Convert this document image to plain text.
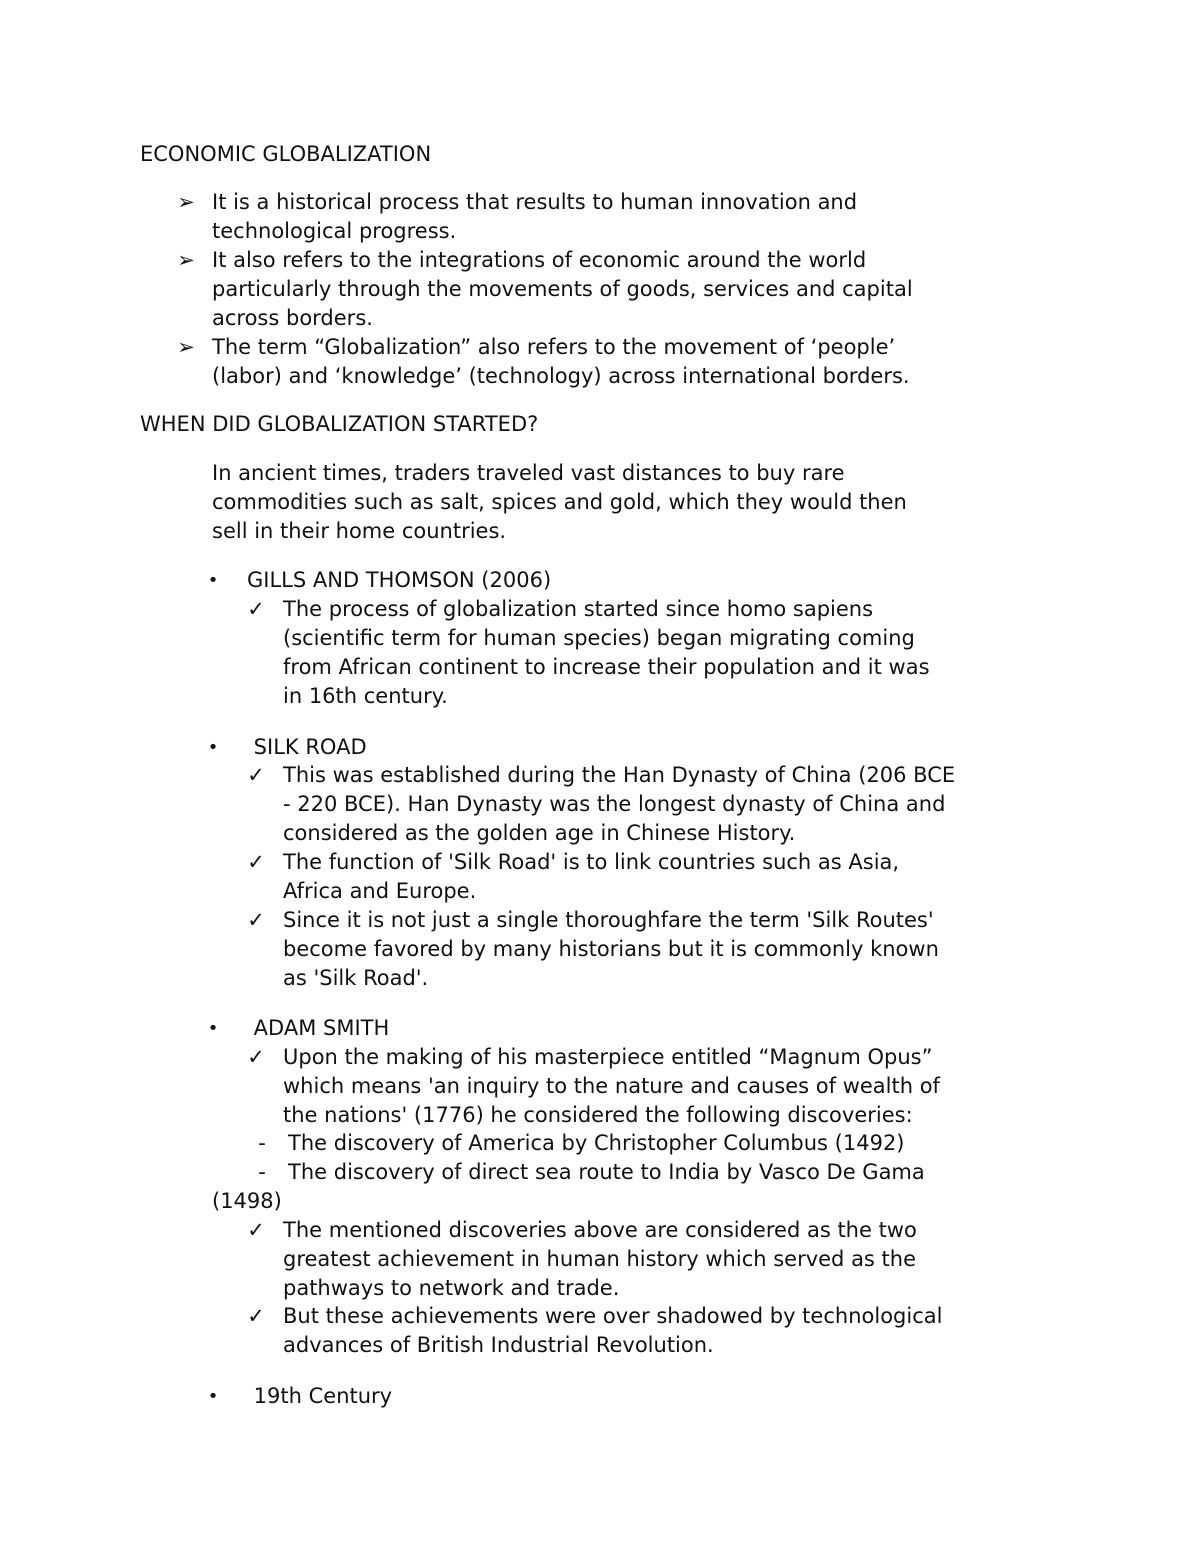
ECONOMIC GLOBALIZATION
➢ It is a historical process that results to human innovation and
technological progress.
➢ It also refers to the integrations of economic around the world
particularly through the movements of goods, services and capital
across borders.
➢ The term “Globalization” also refers to the movement of ‘people’
(labor) and ‘knowledge’ (technology) across international borders.
WHEN DID GLOBALIZATION STARTED?
In ancient times, traders traveled vast distances to buy rare
commodities such as salt, spices and gold, which they would then
sell in their home countries.
• GILLS AND THOMSON (2006)
✓ The process of globalization started since homo sapiens
(scientific term for human species) began migrating coming
from African continent to increase their population and it was
in 16th century.
• SILK ROAD
✓ This was established during the Han Dynasty of China (206 BCE
- 220 BCE). Han Dynasty was the longest dynasty of China and
considered as the golden age in Chinese History.
✓ The function of 'Silk Road' is to link countries such as Asia,
Africa and Europe.
✓ Since it is not just a single thoroughfare the term 'Silk Routes'
become favored by many historians but it is commonly known
as 'Silk Road'.
• ADAM SMITH
✓ Upon the making of his masterpiece entitled “Magnum Opus”
which means 'an inquiry to the nature and causes of wealth of
the nations' (1776) he considered the following discoveries:
- The discovery of America by Christopher Columbus (1492)
- The discovery of direct sea route to India by Vasco De Gama
(1498)
✓ The mentioned discoveries above are considered as the two
greatest achievement in human history which served as the
pathways to network and trade.
✓ But these achievements were over shadowed by technological
advances of British Industrial Revolution.
• 19th Century
